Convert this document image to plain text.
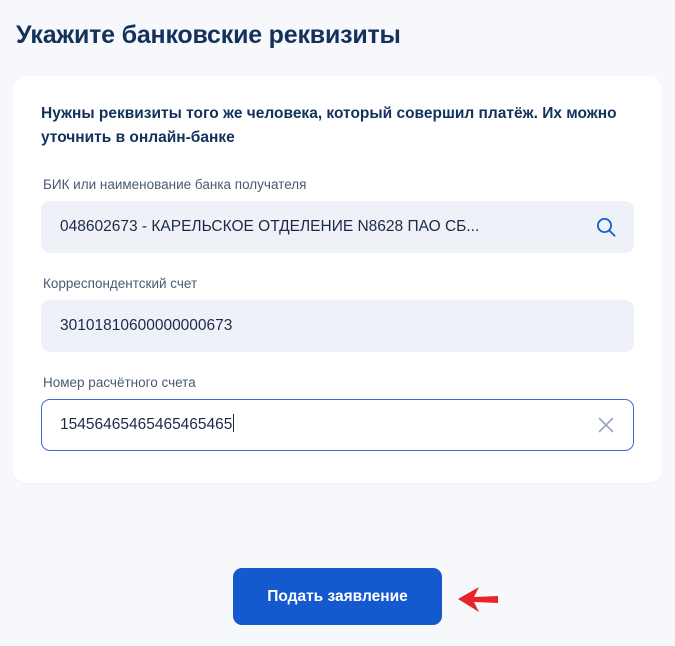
Укажите банковские реквизиты
Нужны реквизиты того же человека, который совершил платёж. Их можно уточнить в онлайн-банке
БИК или наименование банка получателя
048602673 - КАРЕЛЬСКОЕ ОТДЕЛЕНИЕ N8628 ПАО СБ...
Корреспондентский счет
30101810600000000673
Номер расчётного счета
15456465465465465465
Подать заявление
